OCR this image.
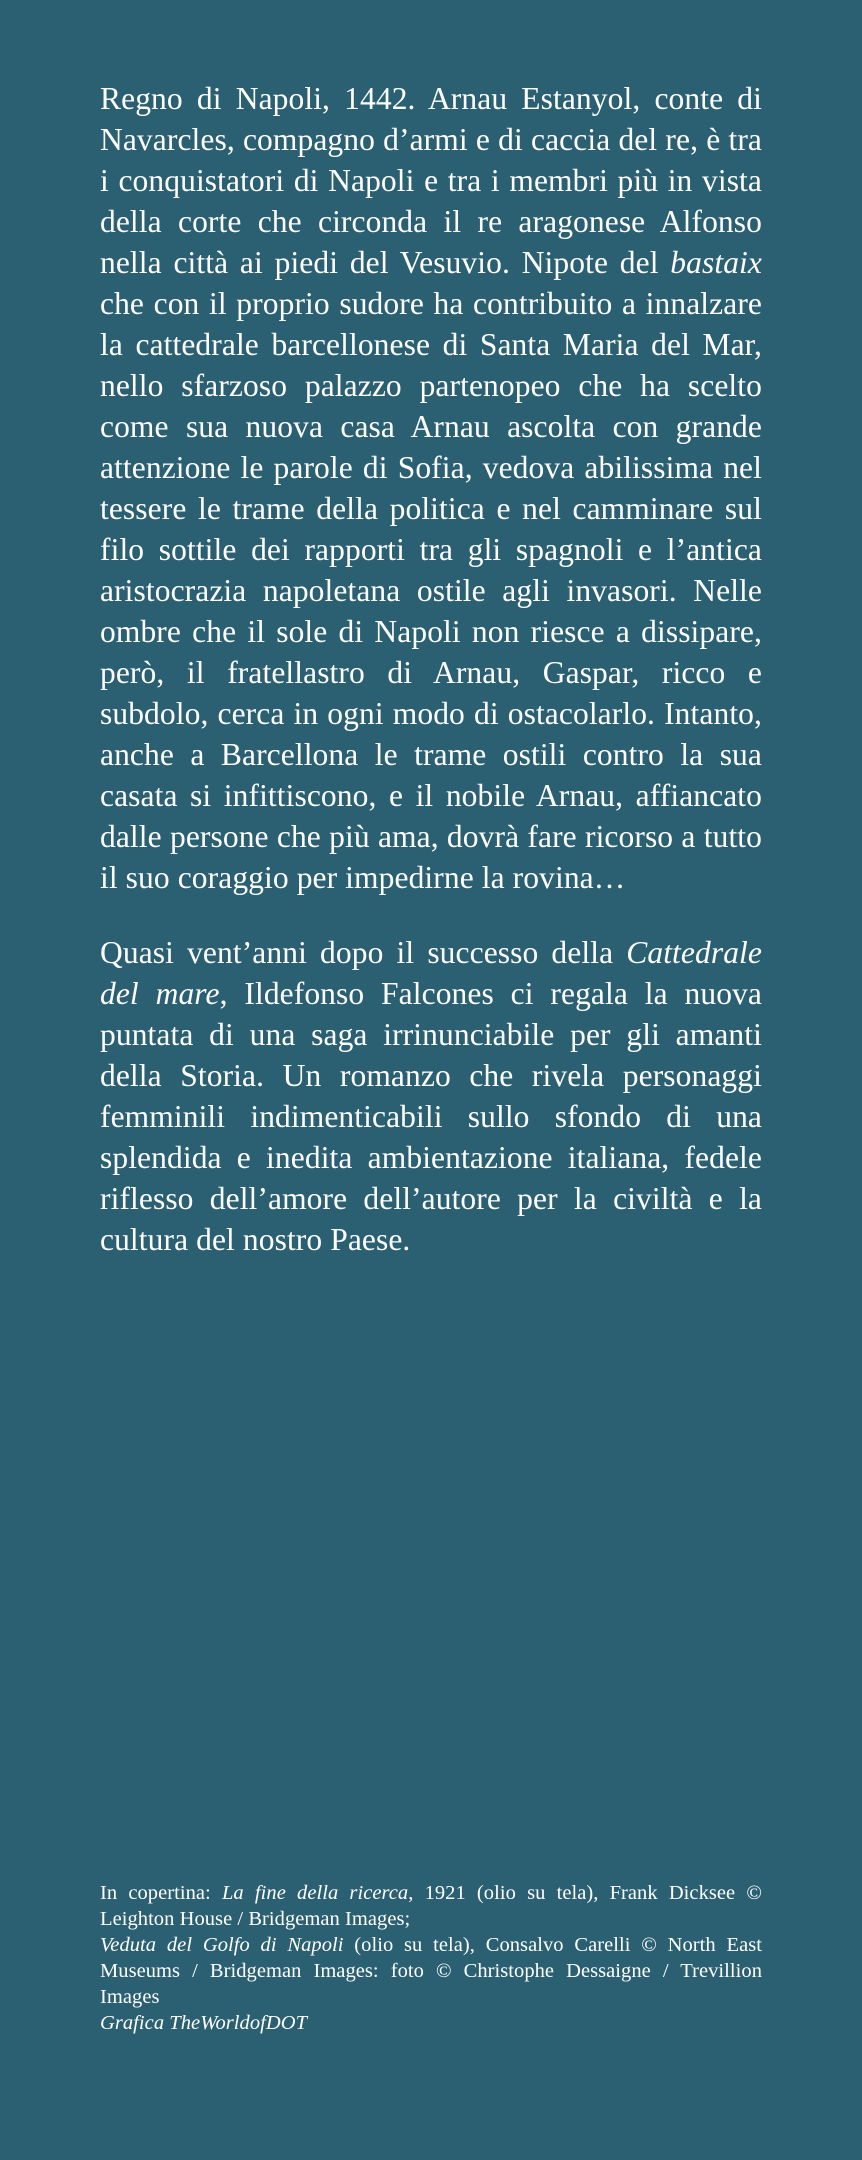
Regno di Napoli, 1442. Arnau Estanyol, conte di Navarcles, compagno d’armi e di caccia del re, è tra i conquistatori di Napoli e tra i membri più in vista della corte che circonda il re aragonese Alfonso nella città ai piedi del Vesuvio. Nipote del bastaix che con il proprio sudore ha contribuito a innalzare la cattedrale barcellonese di Santa Maria del Mar, nello sfarzoso palazzo partenopeo che ha scelto come sua nuova casa Arnau ascolta con grande attenzione le parole di Sofia, vedova abilissima nel tessere le trame della politica e nel camminare sul filo sottile dei rapporti tra gli spagnoli e l’antica aristocrazia napoletana ostile agli invasori. Nelle ombre che il sole di Napoli non riesce a dissipare, però, il fratellastro di Arnau, Gaspar, ricco e subdolo, cerca in ogni modo di ostacolarlo. Intanto, anche a Barcellona le trame ostili contro la sua casata si infittiscono, e il nobile Arnau, affiancato dalle persone che più ama, dovrà fare ricorso a tutto il suo coraggio per impedirne la rovina…

Quasi vent’anni dopo il successo della Cattedrale del mare, Ildefonso Falcones ci regala la nuova puntata di una saga irrinunciabile per gli amanti della Storia. Un romanzo che rivela personaggi femminili indimenticabili sullo sfondo di una splendida e inedita ambientazione italiana, fedele riflesso dell’amore dell’autore per la civiltà e la cultura del nostro Paese.

In copertina: La fine della ricerca, 1921 (olio su tela), Frank Dicksee © Leighton House / Bridgeman Images;
Veduta del Golfo di Napoli (olio su tela), Consalvo Carelli © North East Museums / Bridgeman Images: foto © Christophe Dessaigne / Trevillion Images
Grafica TheWorldofDOT
